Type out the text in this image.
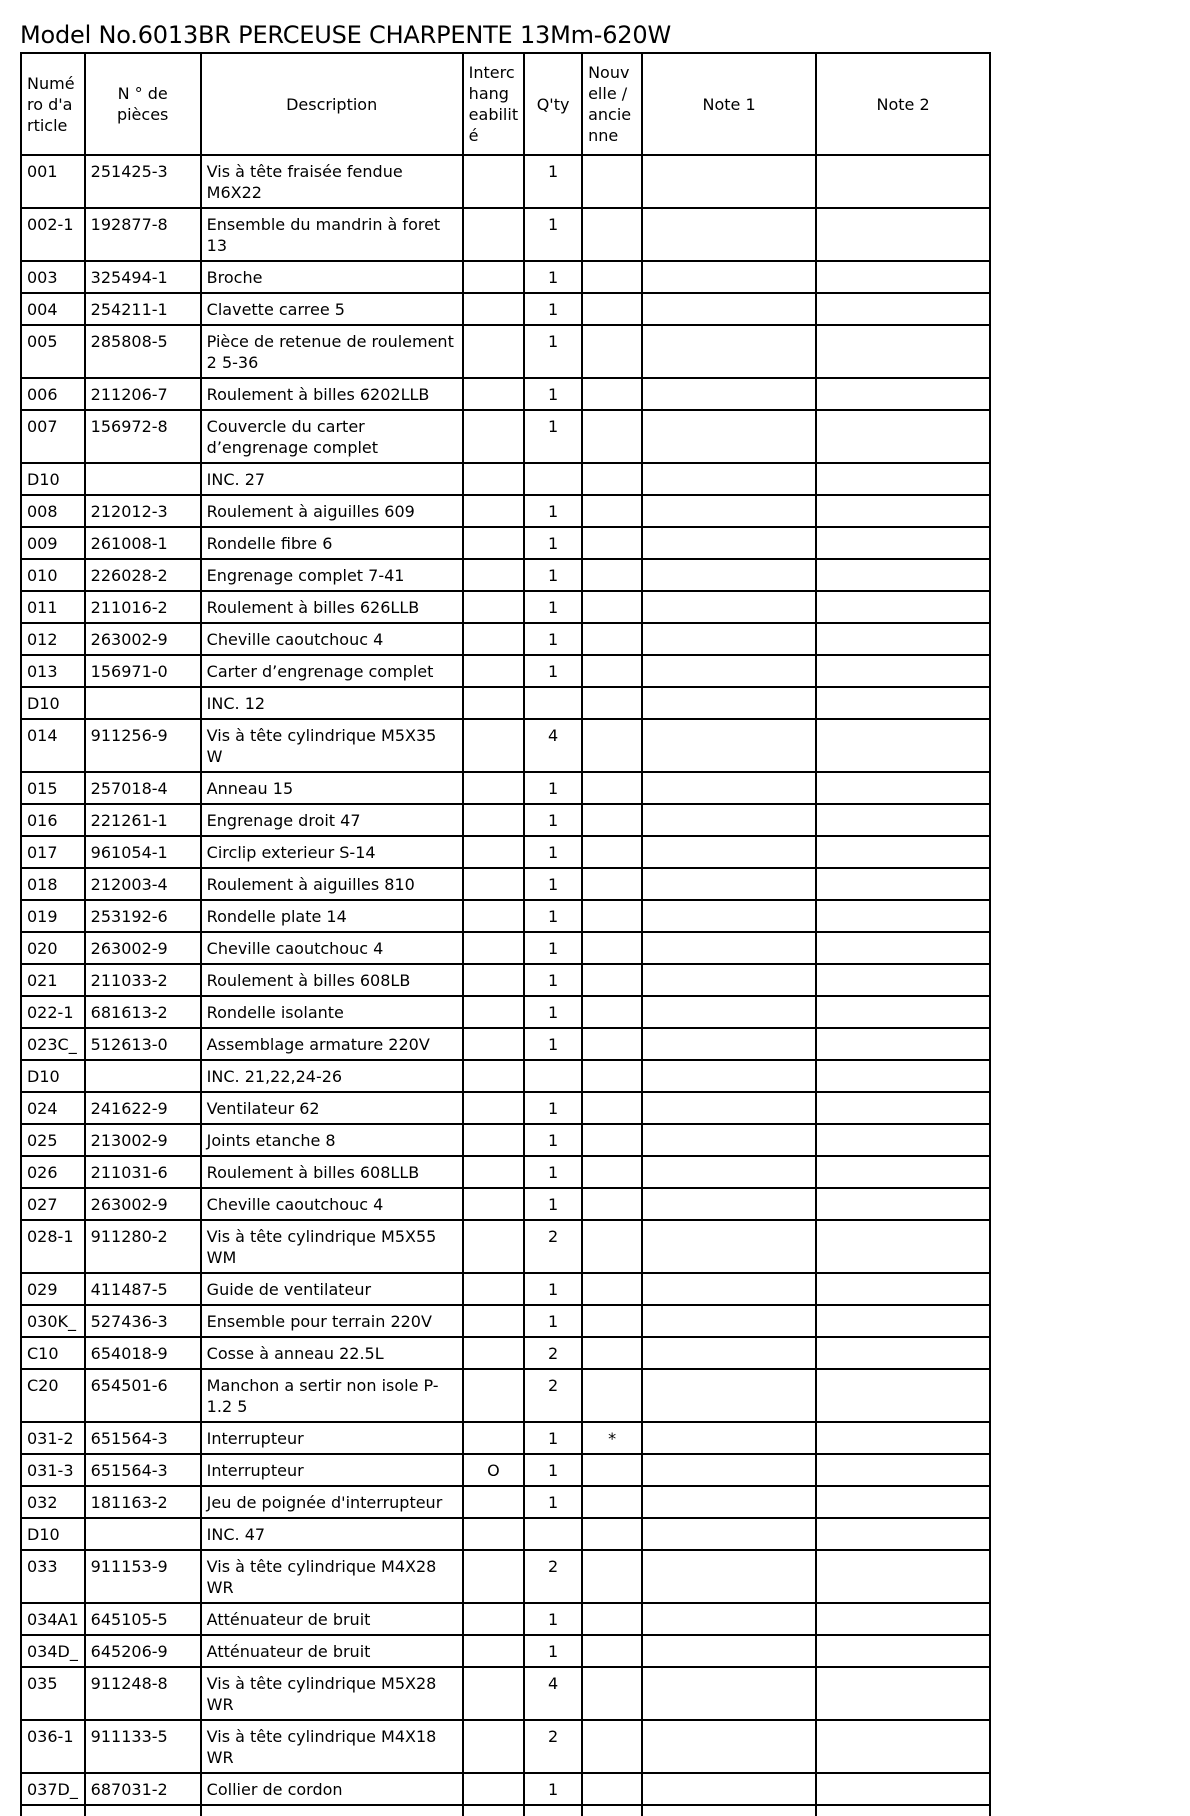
Model No.6013BR PERCEUSE CHARPENTE 13Mm-620W
Numé ro d'a rticle	N ° de pièces	Description	Interc hang eabilit é	Q'ty	Nouv elle / ancie nne	Note 1	Note 2
001	251425-3	Vis à tête fraisée fendue M6X22		1			
002-1	192877-8	Ensemble du mandrin à foret 13		1			
003	325494-1	Broche		1			
004	254211-1	Clavette carree 5		1			
005	285808-5	Pièce de retenue de roulement 2 5-36		1			
006	211206-7	Roulement à billes 6202LLB		1			
007	156972-8	Couvercle du carter d’engrenage complet		1			
D10		INC. 27					
008	212012-3	Roulement à aiguilles 609		1			
009	261008-1	Rondelle fibre 6		1			
010	226028-2	Engrenage complet 7-41		1			
011	211016-2	Roulement à billes 626LLB		1			
012	263002-9	Cheville caoutchouc 4		1			
013	156971-0	Carter d’engrenage complet		1			
D10		INC. 12					
014	911256-9	Vis à tête cylindrique M5X35 W		4			
015	257018-4	Anneau 15		1			
016	221261-1	Engrenage droit 47		1			
017	961054-1	Circlip exterieur S-14		1			
018	212003-4	Roulement à aiguilles 810		1			
019	253192-6	Rondelle plate 14		1			
020	263002-9	Cheville caoutchouc 4		1			
021	211033-2	Roulement à billes 608LB		1			
022-1	681613-2	Rondelle isolante		1			
023C_	512613-0	Assemblage armature 220V		1			
D10		INC. 21,22,24-26					
024	241622-9	Ventilateur 62		1			
025	213002-9	Joints etanche 8		1			
026	211031-6	Roulement à billes 608LLB		1			
027	263002-9	Cheville caoutchouc 4		1			
028-1	911280-2	Vis à tête cylindrique M5X55 WM		2			
029	411487-5	Guide de ventilateur		1			
030K_	527436-3	Ensemble pour terrain 220V		1			
C10	654018-9	Cosse à anneau 22.5L		2			
C20	654501-6	Manchon a sertir non isole P-1.2 5		2			
031-2	651564-3	Interrupteur		1	*		
031-3	651564-3	Interrupteur	O	1			
032	181163-2	Jeu de poignée d'interrupteur		1			
D10		INC. 47					
033	911153-9	Vis à tête cylindrique M4X28 WR		2			
034A1	645105-5	Atténuateur de bruit		1			
034D_	645206-9	Atténuateur de bruit		1			
035	911248-8	Vis à tête cylindrique M5X28 WR		4			
036-1	911133-5	Vis à tête cylindrique M4X18 WR		2			
037D_	687031-2	Collier de cordon		1			
